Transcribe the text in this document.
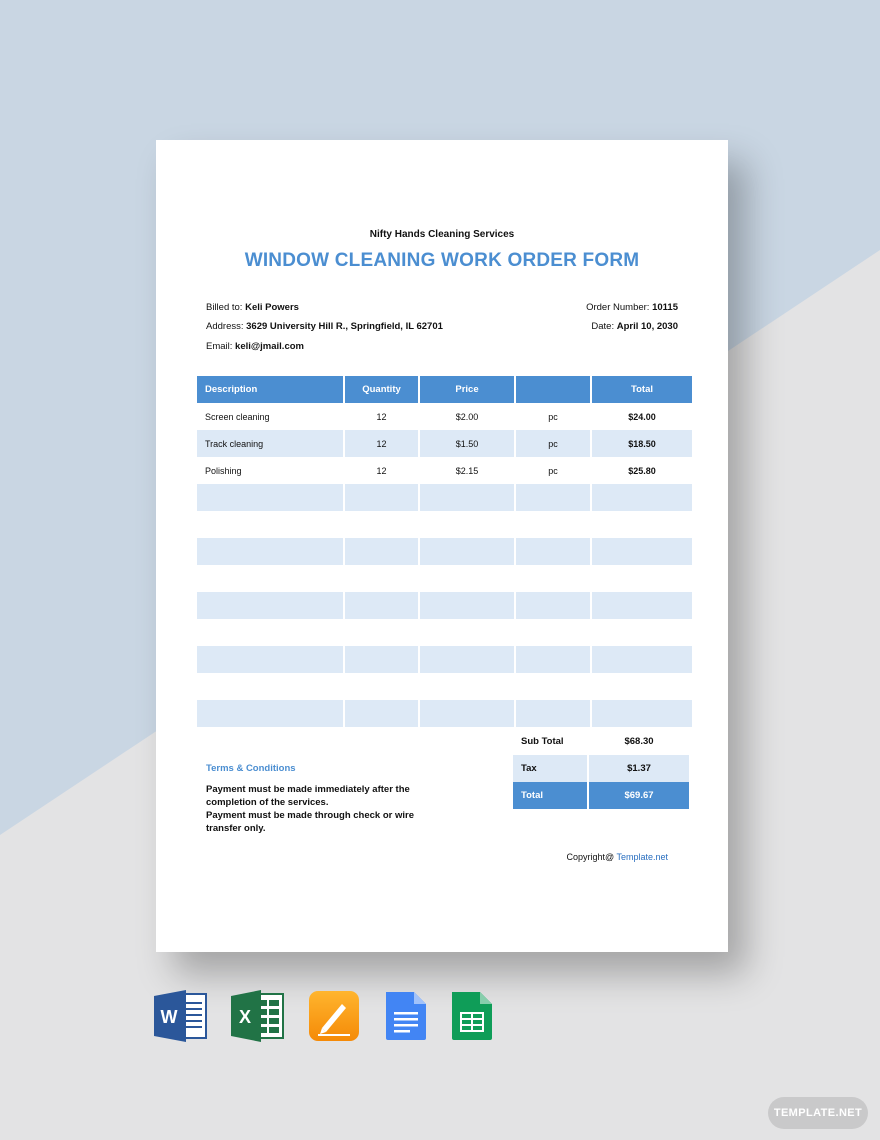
Nifty Hands Cleaning Services
WINDOW CLEANING WORK ORDER FORM
Billed to: Keli Powers
Address: 3629 University Hill R., Springfield, IL 62701
Email: keli@jmail.com
Order Number: 10115
Date: April 10, 2030
Description	Quantity	Price		Total
Screen cleaning	12	$2.00	pc	$24.00
Track cleaning	12	$1.50	pc	$18.50
Polishing	12	$2.15	pc	$25.80

Sub Total	$68.30
Tax	$1.37
Total	$69.67
Terms & Conditions
Payment must be made immediately after the completion of the services.
Payment must be made through check or wire transfer only.
Copyright@ Template.net
W	X
TEMPLATE.NET
